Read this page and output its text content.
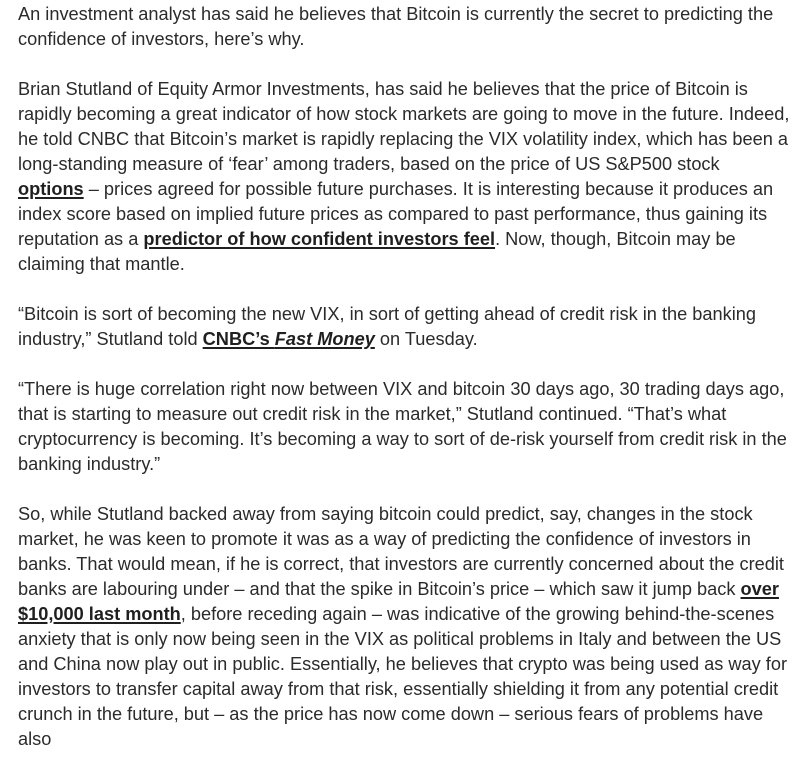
An investment analyst has said he believes that Bitcoin is currently the secret to predicting the confidence of investors, here’s why.

Brian Stutland of Equity Armor Investments, has said he believes that the price of Bitcoin is rapidly becoming a great indicator of how stock markets are going to move in the future. Indeed, he told CNBC that Bitcoin’s market is rapidly replacing the VIX volatility index, which has been a long-standing measure of ‘fear’ among traders, based on the price of US S&P500 stock options – prices agreed for possible future purchases. It is interesting because it produces an index score based on implied future prices as compared to past performance, thus gaining its reputation as a predictor of how confident investors feel. Now, though, Bitcoin may be claiming that mantle.

“Bitcoin is sort of becoming the new VIX, in sort of getting ahead of credit risk in the banking industry,” Stutland told CNBC’s Fast Money on Tuesday.

“There is huge correlation right now between VIX and bitcoin 30 days ago, 30 trading days ago, that is starting to measure out credit risk in the market,” Stutland continued. “That’s what cryptocurrency is becoming. It’s becoming a way to sort of de-risk yourself from credit risk in the banking industry.”

So, while Stutland backed away from saying bitcoin could predict, say, changes in the stock market, he was keen to promote it was as a way of predicting the confidence of investors in banks. That would mean, if he is correct, that investors are currently concerned about the credit banks are labouring under – and that the spike in Bitcoin’s price – which saw it jump back over $10,000 last month, before receding again – was indicative of the growing behind-the-scenes anxiety that is only now being seen in the VIX as political problems in Italy and between the US and China now play out in public. Essentially, he believes that crypto was being used as way for investors to transfer capital away from that risk, essentially shielding it from any potential credit crunch in the future, but – as the price has now come down – serious fears of problems have also
